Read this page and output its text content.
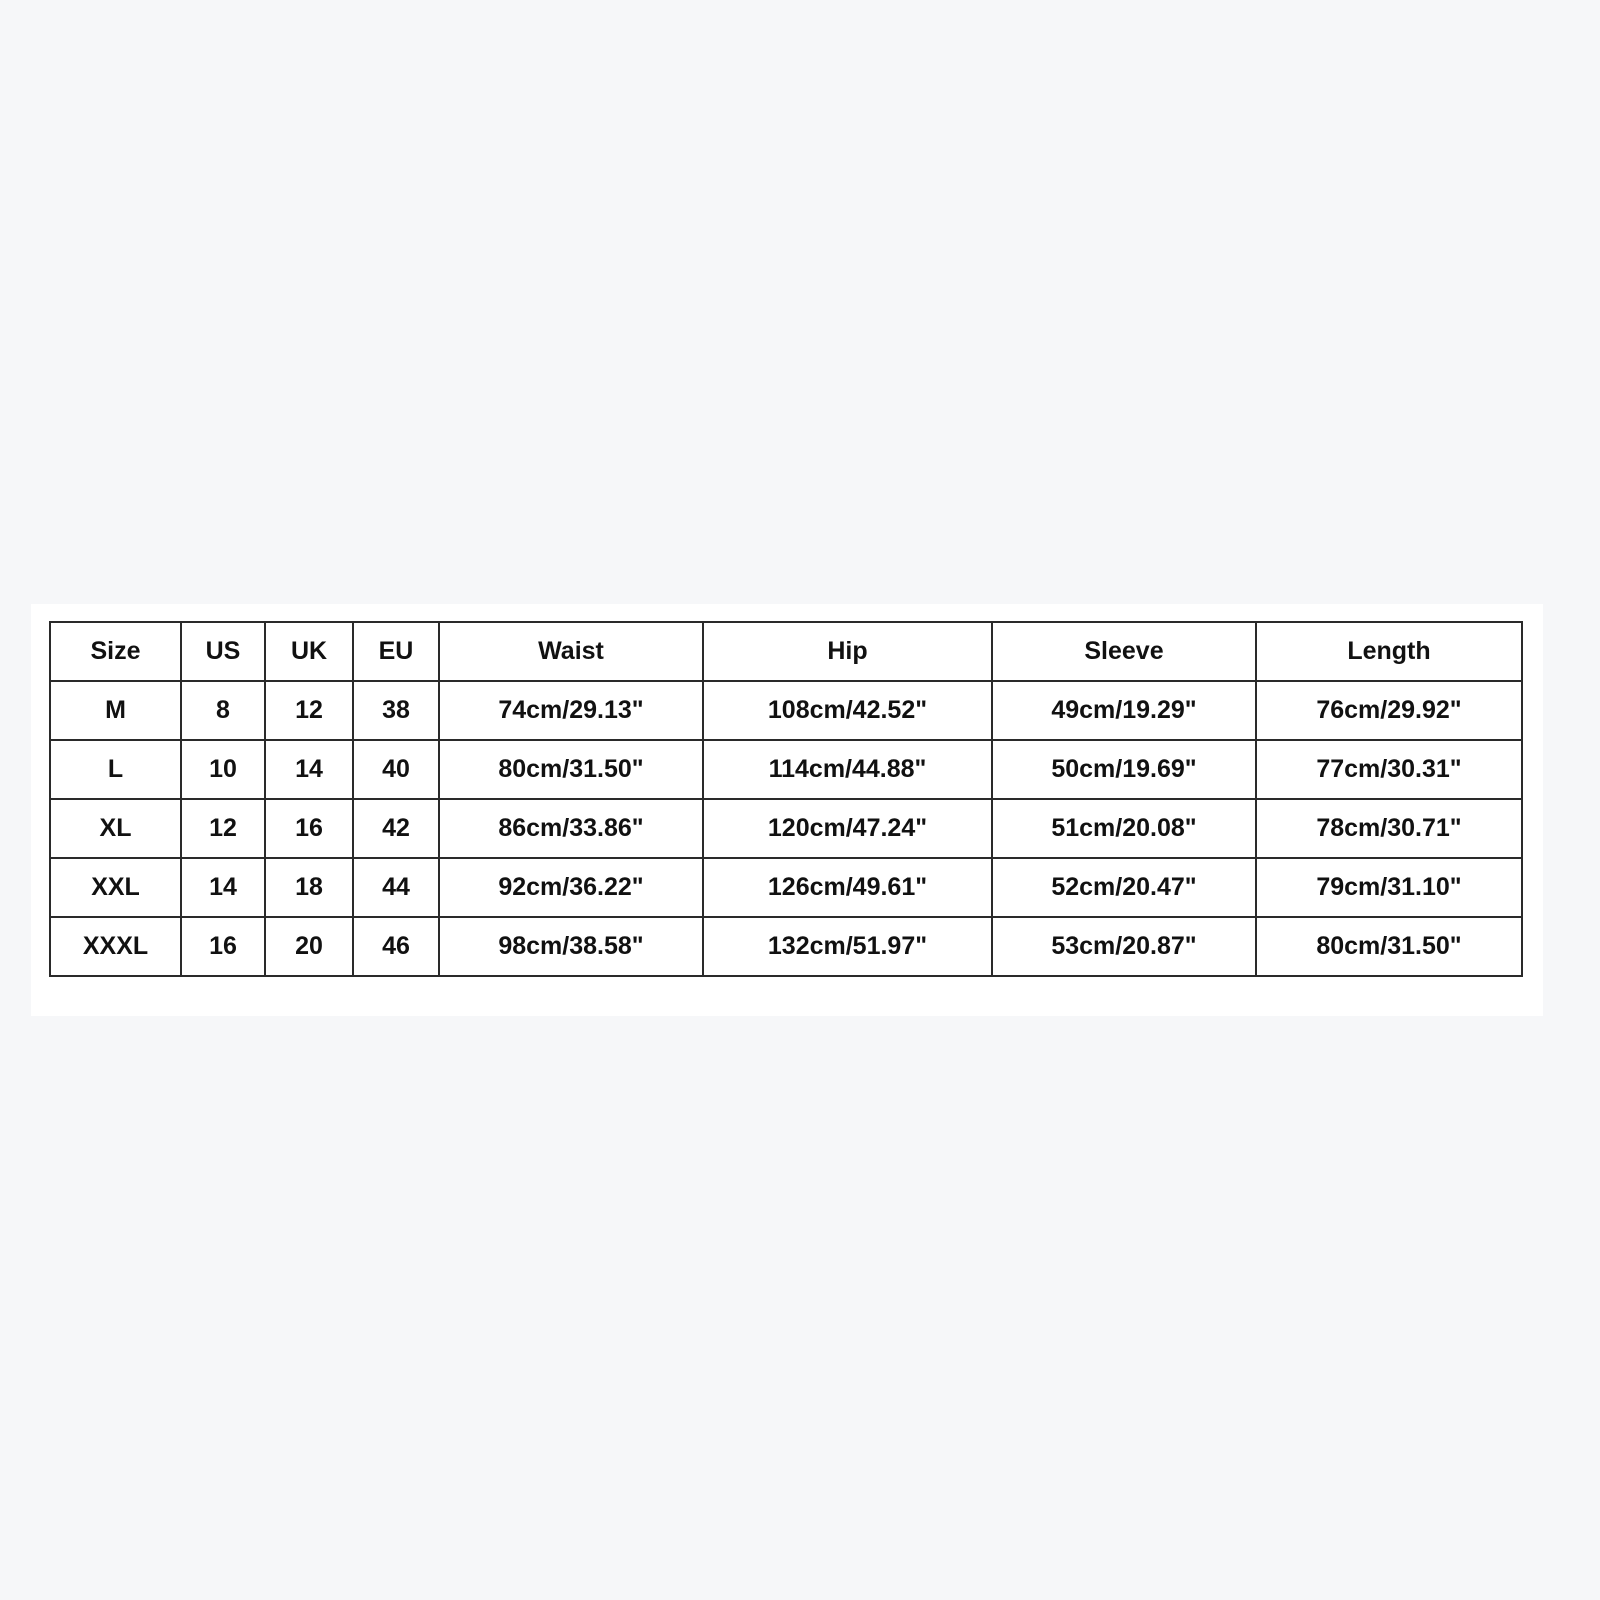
Size	US	UK	EU	Waist	Hip	Sleeve	Length
M	8	12	38	74cm/29.13"	108cm/42.52"	49cm/19.29"	76cm/29.92"
L	10	14	40	80cm/31.50"	114cm/44.88"	50cm/19.69"	77cm/30.31"
XL	12	16	42	86cm/33.86"	120cm/47.24"	51cm/20.08"	78cm/30.71"
XXL	14	18	44	92cm/36.22"	126cm/49.61"	52cm/20.47"	79cm/31.10"
XXXL	16	20	46	98cm/38.58"	132cm/51.97"	53cm/20.87"	80cm/31.50"
